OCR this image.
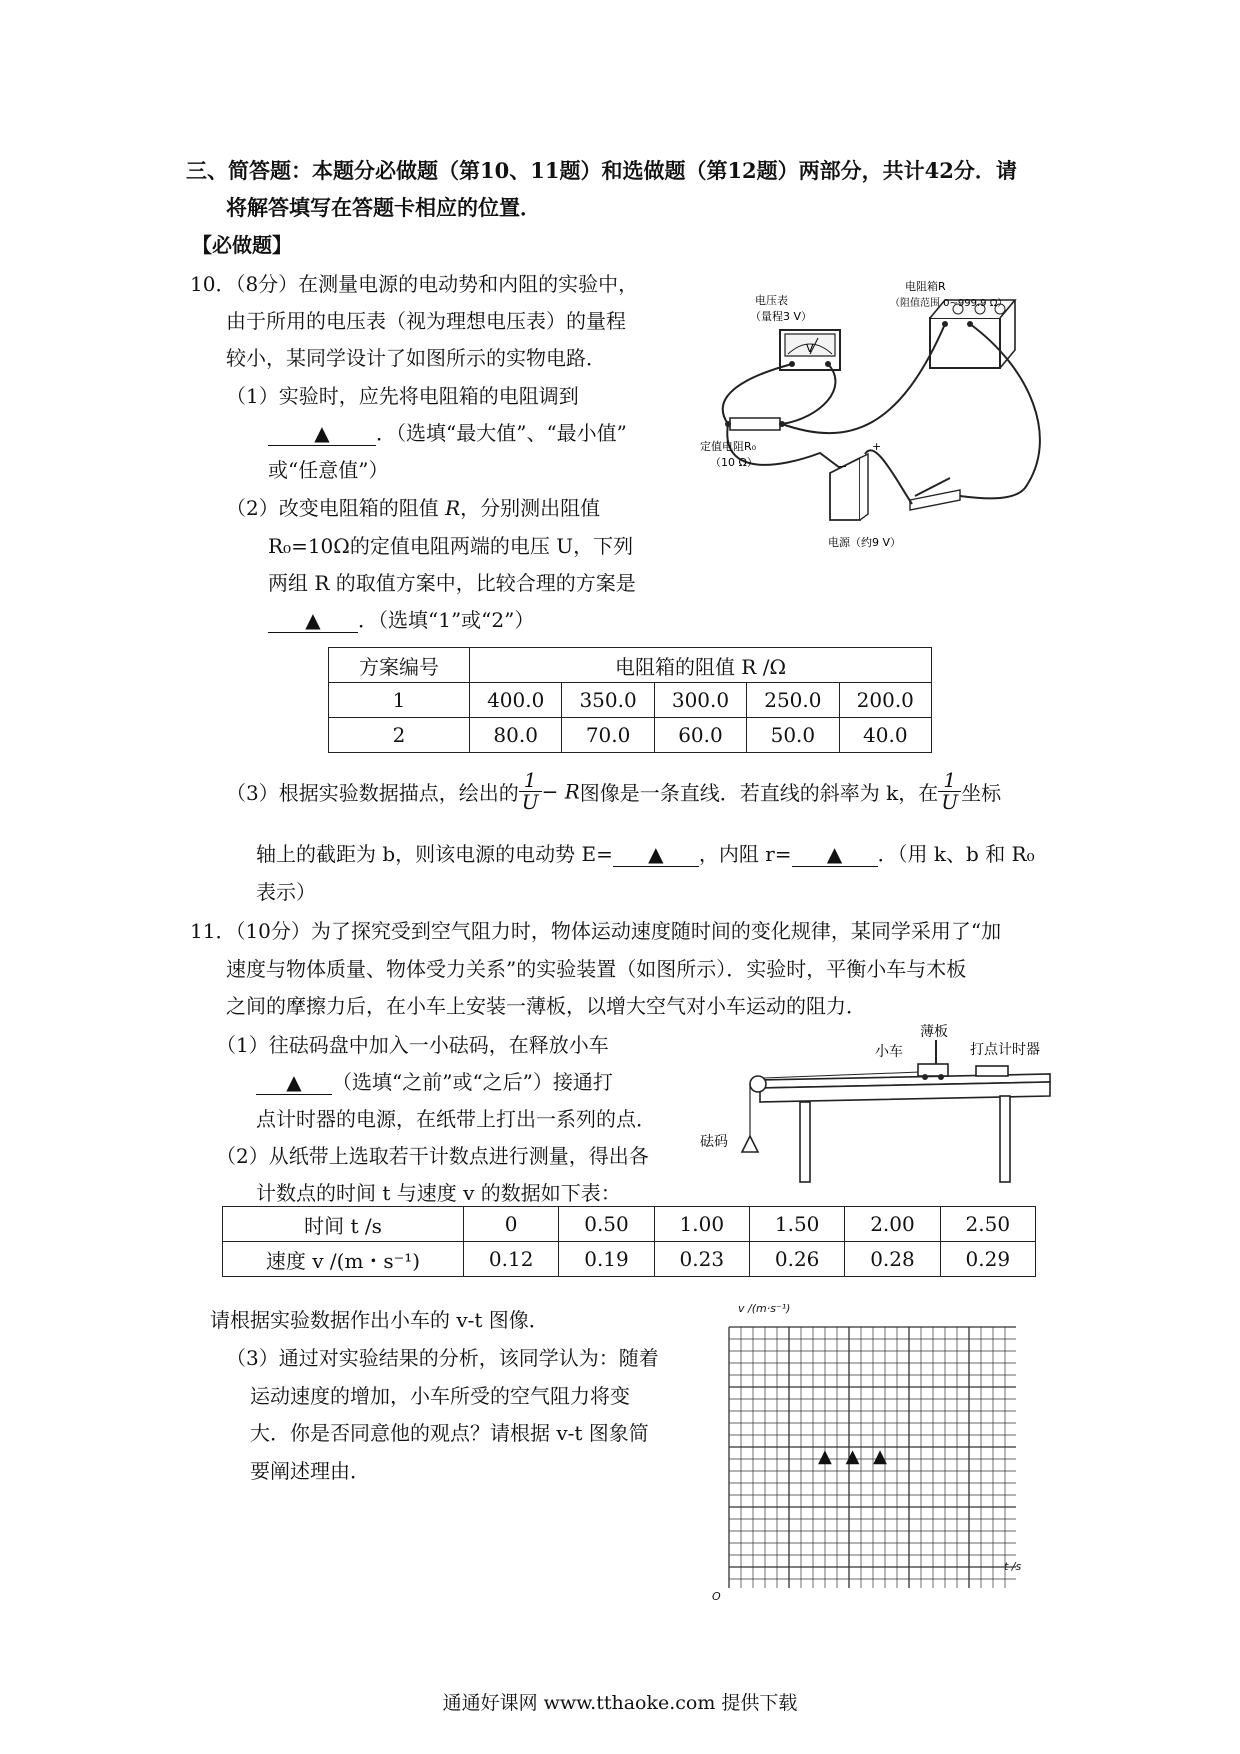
三、简答题：本题分必做题（第10、11题）和选做题（第12题）两部分，共计42分．请
将解答填写在答题卡相应的位置．
【必做题】
10．（8分）在测量电源的电动势和内阻的实验中，
由于所用的电压表（视为理想电压表）的量程
较小，某同学设计了如图所示的实物电路．
（1）实验时，应先将电阻箱的电阻调到
▲ ．（选填“最大值”、“最小值”
或“任意值”）
（2）改变电阻箱的阻值 R，分别测出阻值
R₀=10Ω的定值电阻两端的电压 U，下列
两组 R 的取值方案中，比较合理的方案是
▲ ．（选填“1”或“2”）
电压表
（量程3 V）
V
电阻箱R
（阻值范围 0~999.9 Ω）
定值电阻R₀
（10 Ω）
电源（约9 V）
−
+
方案编号	电阻箱的阻值 R /Ω				
1	400.0	350.0	300.0	250.0	200.0
2	80.0	70.0	60.0	50.0	40.0
（3）根据实验数据描点，绘出的 $\frac{1}{U} - R$图像是一条直线．若直线的斜率为 k，在 $\frac{1}{U}$ 坐标
轴上的截距为 b，则该电源的电动势 E= ▲ ，内阻 r= ▲ ．（用 k、b 和 R₀
表示）
11．（10分）为了探究受到空气阻力时，物体运动速度随时间的变化规律，某同学采用了“加
速度与物体质量、物体受力关系”的实验装置（如图所示）．实验时，平衡小车与木板
之间的摩擦力后，在小车上安装一薄板，以增大空气对小车运动的阻力．
（1）往砝码盘中加入一小砝码，在释放小车
▲ （选填“之前”或“之后”）接通打
点计时器的电源，在纸带上打出一系列的点．
（2）从纸带上选取若干计数点进行测量，得出各
计数点的时间 t 与速度 v 的数据如下表：
薄板
小车	打点计时器
砝码
时间 t /s	0	0.50	1.00	1.50	2.00	2.50
速度 v /(m・s⁻¹)	0.12	0.19	0.23	0.26	0.28	0.29
请根据实验数据作出小车的 v-t 图像．
（3）通过对实验结果的分析，该同学认为：随着
运动速度的增加，小车所受的空气阻力将变
大．你是否同意他的观点？请根据 v-t 图象简
要阐述理由．
v /(m·s⁻¹)
t /s
O
▲ ▲ ▲
通通好课网 www.tthaoke.com 提供下载
